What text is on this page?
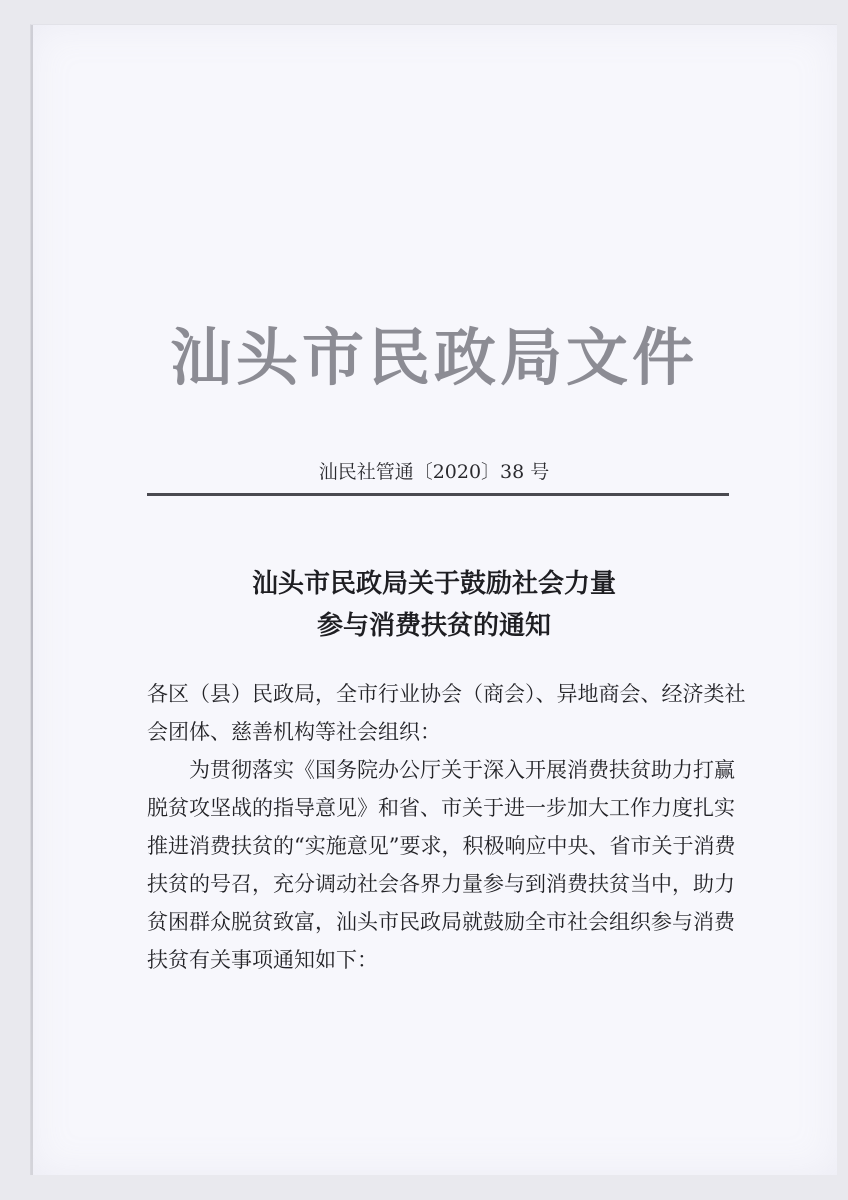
汕头市民政局文件
汕民社管通〔2020〕38 号
汕头市民政局关于鼓励社会力量
参与消费扶贫的通知

各区（县）民政局，全市行业协会（商会）、异地商会、经济类社会团体、慈善机构等社会组织：

为贯彻落实《国务院办公厅关于深入开展消费扶贫助力打赢脱贫攻坚战的指导意见》和省、市关于进一步加大工作力度扎实推进消费扶贫的“实施意见”要求，积极响应中央、省市关于消费扶贫的号召，充分调动社会各界力量参与到消费扶贫当中，助力贫困群众脱贫致富，汕头市民政局就鼓励全市社会组织参与消费扶贫有关事项通知如下：
